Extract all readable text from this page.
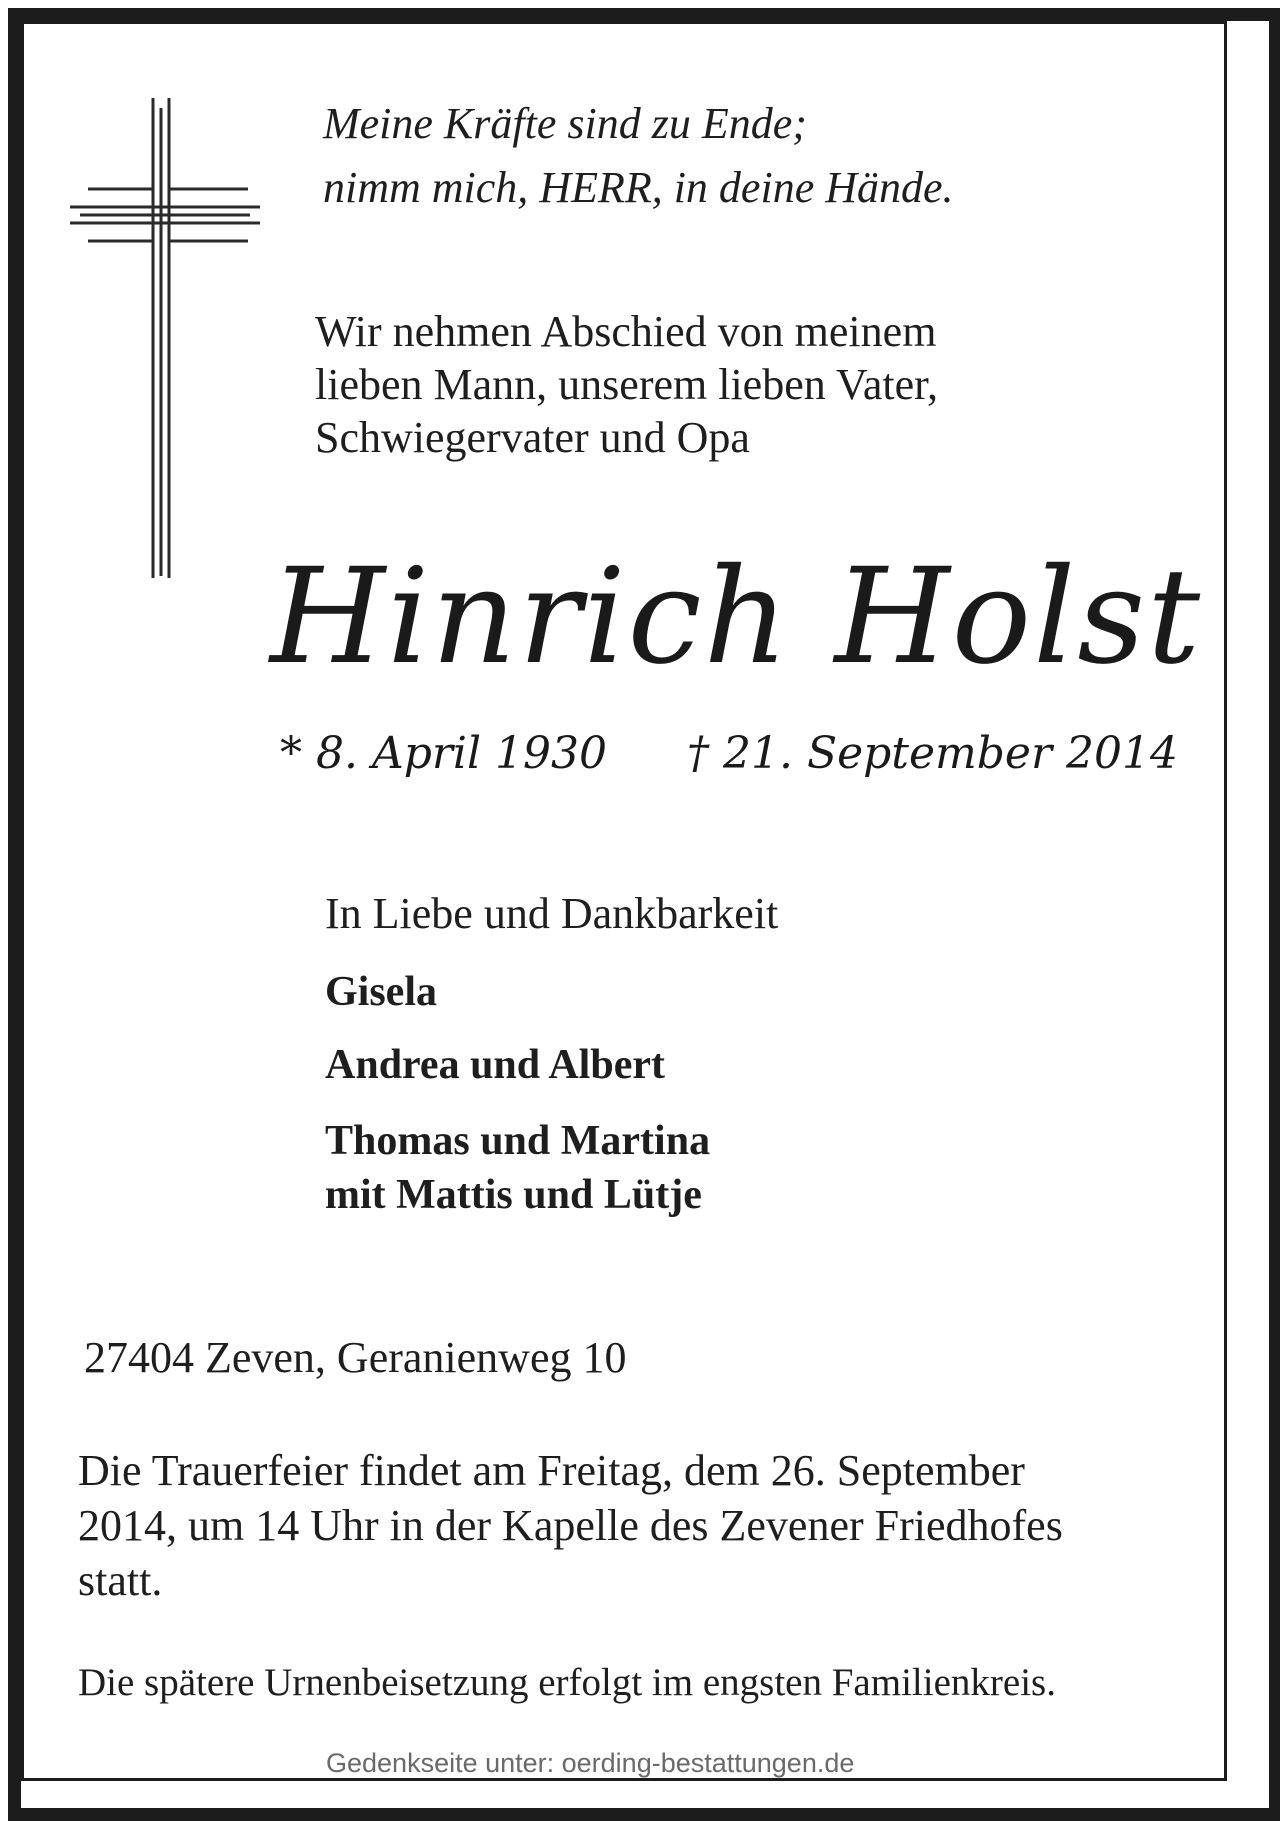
Meine Kräfte sind zu Ende;
nimm mich, HERR, in deine Hände.
Wir nehmen Abschied von meinem
lieben Mann, unserem lieben Vater,
Schwiegervater und Opa
Hinrich Holst
* 8. April 1930 † 21. September 2014
In Liebe und Dankbarkeit
Gisela
Andrea und Albert
Thomas und Martina
mit Mattis und Lütje
27404 Zeven, Geranienweg 10
Die Trauerfeier findet am Freitag, dem 26. September
2014, um 14 Uhr in der Kapelle des Zevener Friedhofes
statt.
Die spätere Urnenbeisetzung erfolgt im engsten Familienkreis.
Gedenkseite unter: oerding-bestattungen.de
